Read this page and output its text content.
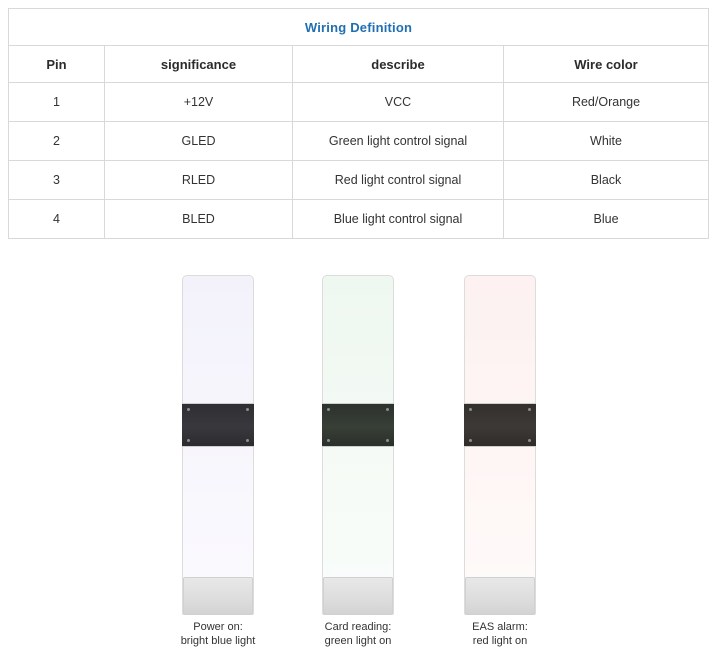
Wiring Definition			
Pin	significance	describe	Wire color
1	+12V	VCC	Red/Orange
2	GLED	Green light control signal	White
3	RLED	Red light control signal	Black
4	BLED	Blue light control signal	Blue
Power on:
bright blue light
Card reading:
green light on
EAS alarm:
red light on
